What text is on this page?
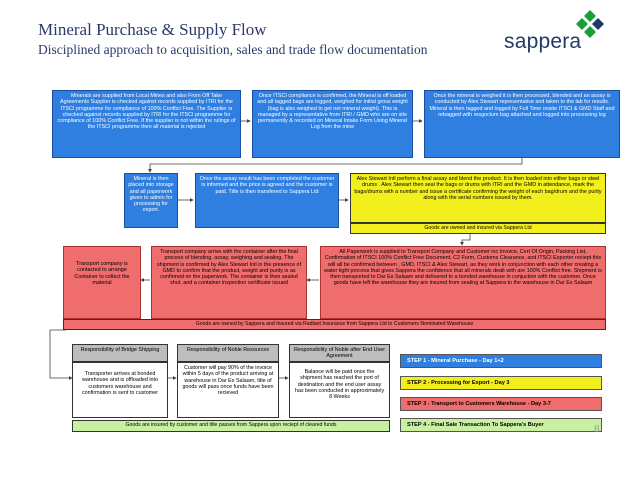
Mineral Purchase & Supply Flow
Disciplined approach to acquisition, sales and trade flow documentation	sappera
Minerals are supplied from Local Mines and also From Off Take Agreements Supplier is checked against records supplied by ITRI for the ITSCI programme for compliance of 100% Conflict Free. The Supplier is checked against records supplied by ITRI for the ITSCI programme for compliance of 100% Conflict Free. If the supplier is not within the rulings of the ITSCI programme then all material is rejected
Once ITSCI compliance is confirmed, the Mineral is off loaded and all tagged bags are logged, weighed for initial gross weight (bag is also weighed to get net mineral weight). This is managed by a representative from ITRI / GMD who are on site permanently & recorded on Mineral Intake Form Using Mineral Log from the mine
Once the mineral is weighed it is then processed, blended and an assay is conducted by Alex Stewart representative and taken to the lab for results. Mineral is then tagged and logged by Full Time onsite ITSCI & GMD Staff and rebagged with resgocium bag attached and logged into processing log
Mineral is then placed into storage and all paperwork given to admin for processing for export.
Once the assay result has been completed the customer is informed and the price is agreed and the customer is paid. Title is then transfered to Sappera Ltd
Alex Stewart Intl perform a final assay and blend the product. It is then loaded into either bags or steel drums . Alex Stewart then seal the bags or drums with ITRI and the GMD in attendance, mark the bags/drums with a number and issue a certificate confirming the weight of each bag/drum and the purity along with the serial numbers issued by them.
Goods are owned and insured via Sappera Ltd
Transport company is contacted to arrange Container to collect the material
Transport company arrive with the container after the final process of blending, assay, weighing and sealing. The shipment is confirmed by Alex Stewart Intl in the presence of GMD to confirm that the product, weight and purity is as confirmed on the paperwork. The container is then sealed shut, and a container inspection certificate issued
All Paperwork is supplied to Transport Company and Customer inc Invoice, Cert Of Origin, Packing List, Confirmation of ITSCI 100% Conflict Free Document, C2 Form, Customs Clearance, and ITSCI Exporter reciept this will all be confirmed between , GMD, ITSCI & Alex Stewart, as they work in conjunction with each other creating a water tight process that gives Sappera the confidence that all minerals dealt with are 100% Conflict free. Shipment is then transported to Dar Es Salaam and delivered to a bonded warehouse in conjuction with the customer. Once goods have left the warehouse they are insured from sealing at Sappera to the warehouse in Dar Es Salaam
Goods are owned by Sappera and Insured via Radiant Insurance from Sappera Ltd to Customers Nominated Warehouse
Responsibility of Bridge Shipping
Transporter arrives at bonded warehouse and is offloaded into customers warehouse and confirmation is sent to customer
Responsibility of Noble Resources
Customer will pay 90% of the invoice within 5 days of the product arriving at warehouse in Dar Es Salaam, title of goods will pass once funds have been recieved
Responsibility of Noble after End User Agreement
Balance will be paid once the shipment has reached the port of destination and the end user assay has been conducted in approximately 8 Weeks
Goods are insured by customer and title passes from Sappera upon reciept of cleared funds
STEP 1 - Mineral Purchase - Day 1+2
STEP 2 - Processing for Export - Day 3
STEP 3 - Transport to Customers Warehouse - Day 3-7
STEP 4 - Final Sale Transaction To Sappera's Buyer	8
